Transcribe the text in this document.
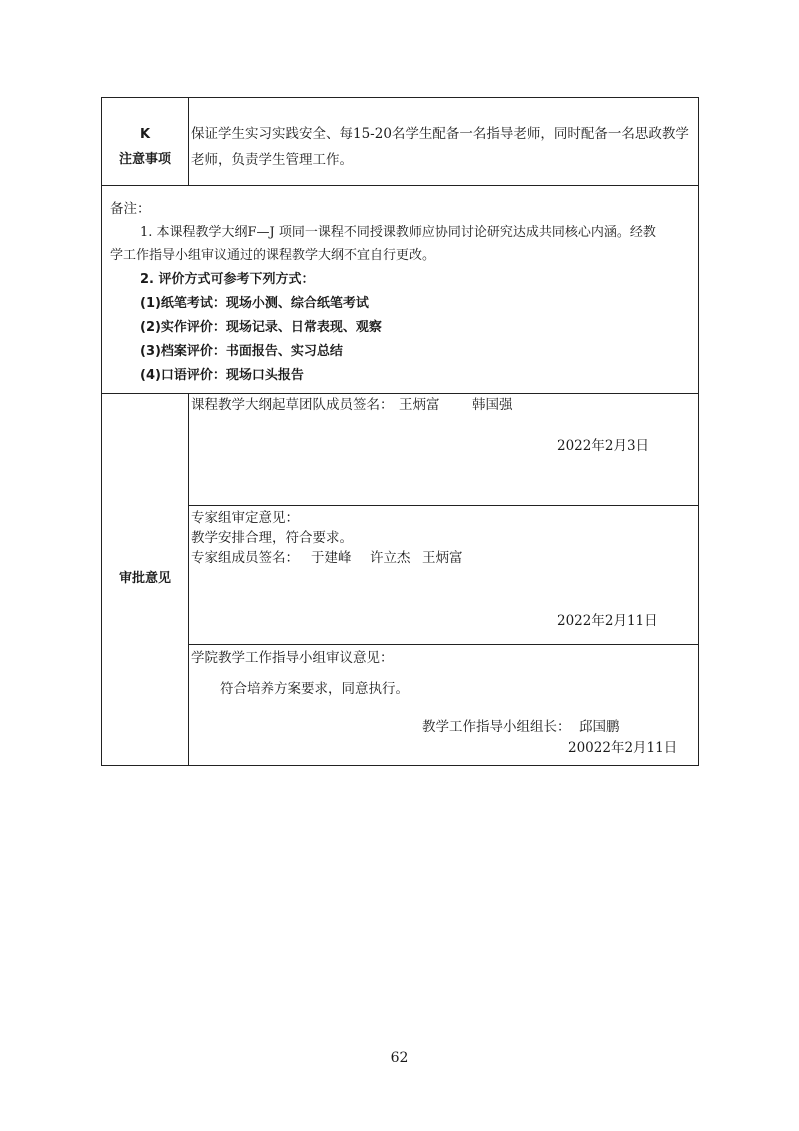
K
注意事项
保证学生实习实践安全、每15-20名学生配备一名指导老师，同时配备一名思政教学
老师，负责学生管理工作。
备注：
1. 本课程教学大纲F—J 项同一课程不同授课教师应协同讨论研究达成共同核心内涵。经教
学工作指导小组审议通过的课程教学大纲不宜自行更改。
2. 评价方式可参考下列方式：
(1)纸笔考试：现场小测、综合纸笔考试
(2)实作评价：现场记录、日常表现、观察
(3)档案评价：书面报告、实习总结
(4)口语评价：现场口头报告
审批意见
课程教学大纲起草团队成员签名： 王炳富 韩国强
2022年2月3日
专家组审定意见：
教学安排合理，符合要求。
专家组成员签名： 于建峰 许立杰 王炳富
2022年2月11日
学院教学工作指导小组审议意见：
符合培养方案要求，同意执行。
教学工作指导小组组长： 邱国鹏
20022年2月11日
62
